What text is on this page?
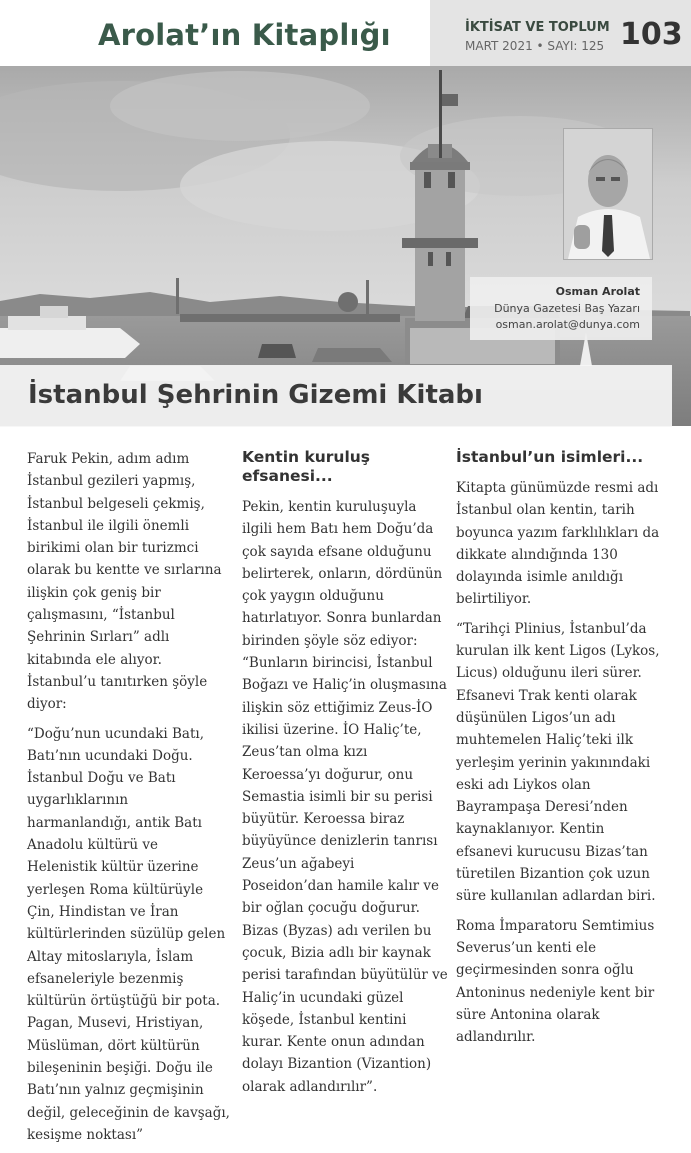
Arolat’ın Kitaplığı	İKTİSAT VE TOPLUM
MART 2021 • SAYI: 125 103
Osman Arolat
Dünya Gazetesi Baş Yazarı
osman.arolat@dunya.com
İstanbul Şehrinin Gizemi Kitabı

Faruk Pekin, adım adım İstanbul gezileri yapmış, İstanbul belgeseli çekmiş, İstanbul ile ilgili önemli birikimi olan bir turizmci olarak bu kentte ve sırlarına ilişkin çok geniş bir çalışmasını, “İstanbul Şehrinin Sırları” adlı kitabında ele alıyor. İstanbul’u tanıtırken şöyle diyor:

“Doğu’nun ucundaki Batı, Batı’nın ucundaki Doğu. İstanbul Doğu ve Batı uygarlıklarının harmanlandığı, antik Batı Anadolu kültürü ve Helenistik kültür üzerine yerleşen Roma kültürüyle Çin, Hindistan ve İran kültürlerinden süzülüp gelen Altay mitoslarıyla, İslam efsaneleriyle bezenmiş kültürün örtüştüğü bir pota. Pagan, Musevi, Hristiyan, Müslüman, dört kültürün bileşeninin beşiği. Doğu ile Batı’nın yalnız geçmişinin değil, geleceğinin de kavşağı, kesişme noktası”

Kentin kuruluş efsanesi...

Pekin, kentin kuruluşuyla ilgili hem Batı hem Doğu’da çok sayıda efsane olduğunu belirterek, onların, dördünün çok yaygın olduğunu hatırlatıyor. Sonra bunlardan birinden şöyle söz ediyor: “Bunların birincisi, İstanbul Boğazı ve Haliç’in oluşmasına ilişkin söz ettiğimiz Zeus-İO ikilisi üzerine. İO Haliç’te, Zeus’tan olma kızı Keroessa’yı doğurur, onu Semastia isimli bir su perisi büyütür. Keroessa biraz büyüyünce denizlerin tanrısı Zeus’un ağabeyi Poseidon’dan hamile kalır ve bir oğlan çocuğu doğurur. Bizas (Byzas) adı verilen bu çocuk, Bizia adlı bir kaynak perisi tarafından büyütülür ve Haliç’in ucundaki güzel köşede, İstanbul kentini kurar. Kente onun adından dolayı Bizantion (Vizantion) olarak adlandırılır”.

İstanbul’un isimleri...

Kitapta günümüzde resmi adı İstanbul olan kentin, tarih boyunca yazım farklılıkları da dikkate alındığında 130 dolayında isimle anıldığı belirtiliyor.

“Tarihçi Plinius, İstanbul’da kurulan ilk kent Ligos (Lykos, Licus) olduğunu ileri sürer. Efsanevi Trak kenti olarak düşünülen Ligos’un adı muhtemelen Haliç’teki ilk yerleşim yerinin yakınındaki eski adı Liykos olan Bayrampaşa Deresi’nden kaynaklanıyor. Kentin efsanevi kurucusu Bizas’tan türetilen Bizantion çok uzun süre kullanılan adlardan biri.

Roma İmparatoru Semtimius Severus’un kenti ele geçirmesinden sonra oğlu Antoninus nedeniyle kent bir süre Antonina olarak adlandırılır.
